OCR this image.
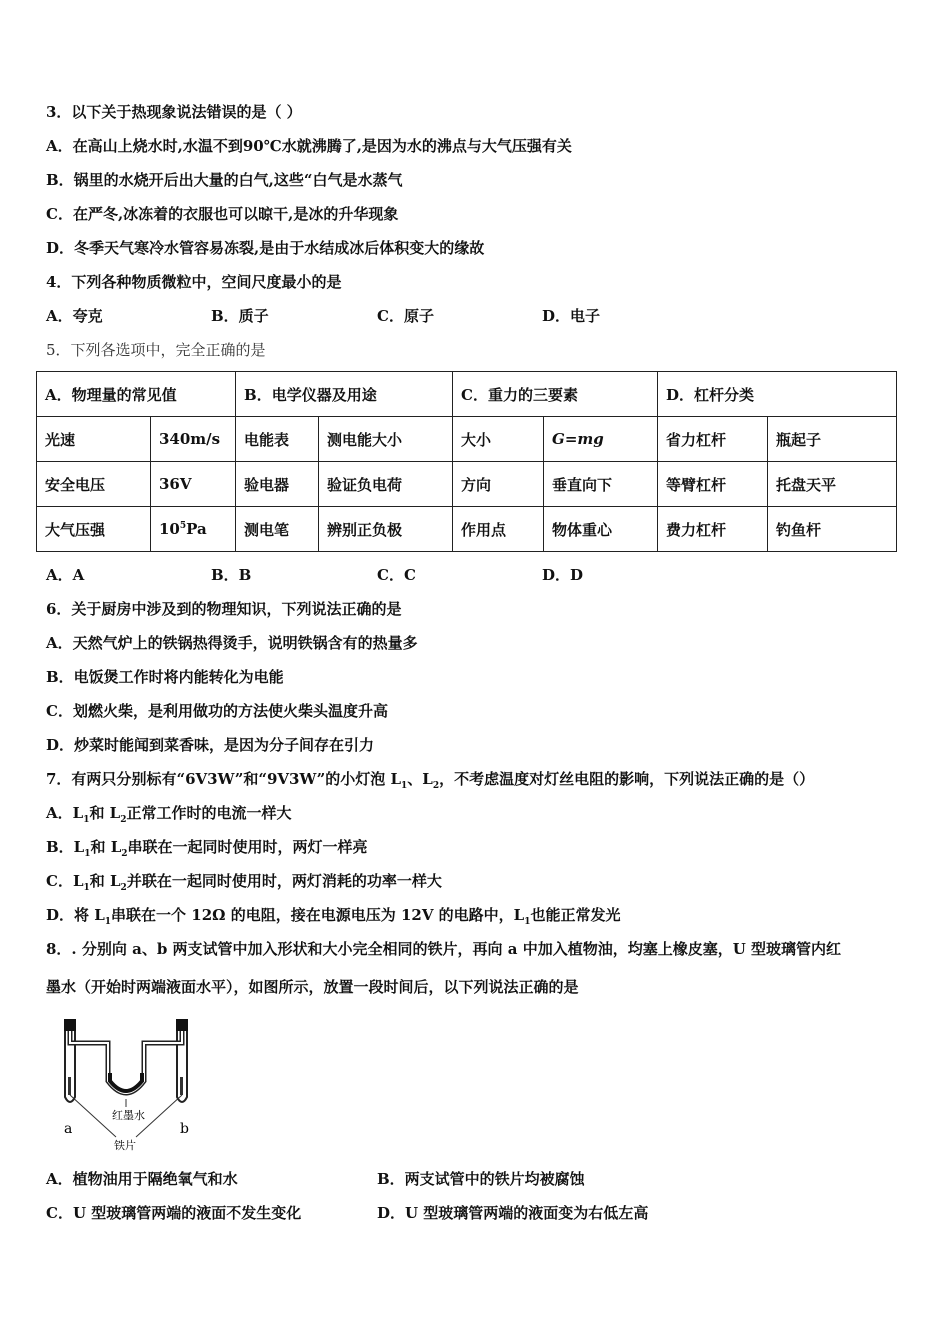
3．以下关于热现象说法错误的是（ ）
A．在高山上烧水时,水温不到90℃水就沸腾了,是因为水的沸点与大气压强有关
B．锅里的水烧开后出大量的白气,这些“白气是水蒸气
C．在严冬,冰冻着的衣服也可以晾干,是冰的升华现象
D．冬季天气寒冷水管容易冻裂,是由于水结成冰后体积变大的缘故
4．下列各种物质微粒中，空间尺度最小的是
A．夸克	B．质子	C．原子	D．电子
5．下列各选项中，完全正确的是
A．物理量的常见值		B．电学仪器及用途		C．重力的三要素		D．杠杆分类	
光速	340m/s	电能表	测电能大小	大小	G=mg	省力杠杆	瓶起子
安全电压	36V	验电器	验证负电荷	方向	垂直向下	等臂杠杆	托盘天平
大气压强	$10^5Pa$	测电笔	辨别正负极	作用点	物体重心	费力杠杆	钓鱼杆
A．A	B．B	C．C	D．D
6．关于厨房中涉及到的物理知识，下列说法正确的是
A．天然气炉上的铁锅热得烫手，说明铁锅含有的热量多
B．电饭煲工作时将内能转化为电能
C．划燃火柴，是利用做功的方法使火柴头温度升高
D．炒菜时能闻到菜香味，是因为分子间存在引力
7．有两只分别标有“6V3W”和“9V3W”的小灯泡 $L_1$、$L_2$，不考虑温度对灯丝电阻的影响，下列说法正确的是（）
A．$L_1$和 $L_2$正常工作时的电流一样大
B．$L_1$和 $L_2$串联在一起同时使用时，两灯一样亮
C．$L_1$和 $L_2$并联在一起同时使用时，两灯消耗的功率一样大
D．将 $L_1$串联在一个 12Ω 的电阻，接在电源电压为 12V 的电路中，$L_1$也能正常发光
8．. 分别向 a、b 两支试管中加入形状和大小完全相同的铁片，再向 a 中加入植物油，均塞上橡皮塞，U 型玻璃管内红
墨水（开始时两端液面水平），如图所示，放置一段时间后，以下列说法正确的是
红墨水
a	b
铁片
A．植物油用于隔绝氧气和水	B．两支试管中的铁片均被腐蚀
C．U 型玻璃管两端的液面不发生变化	D．U 型玻璃管两端的液面变为右低左高
